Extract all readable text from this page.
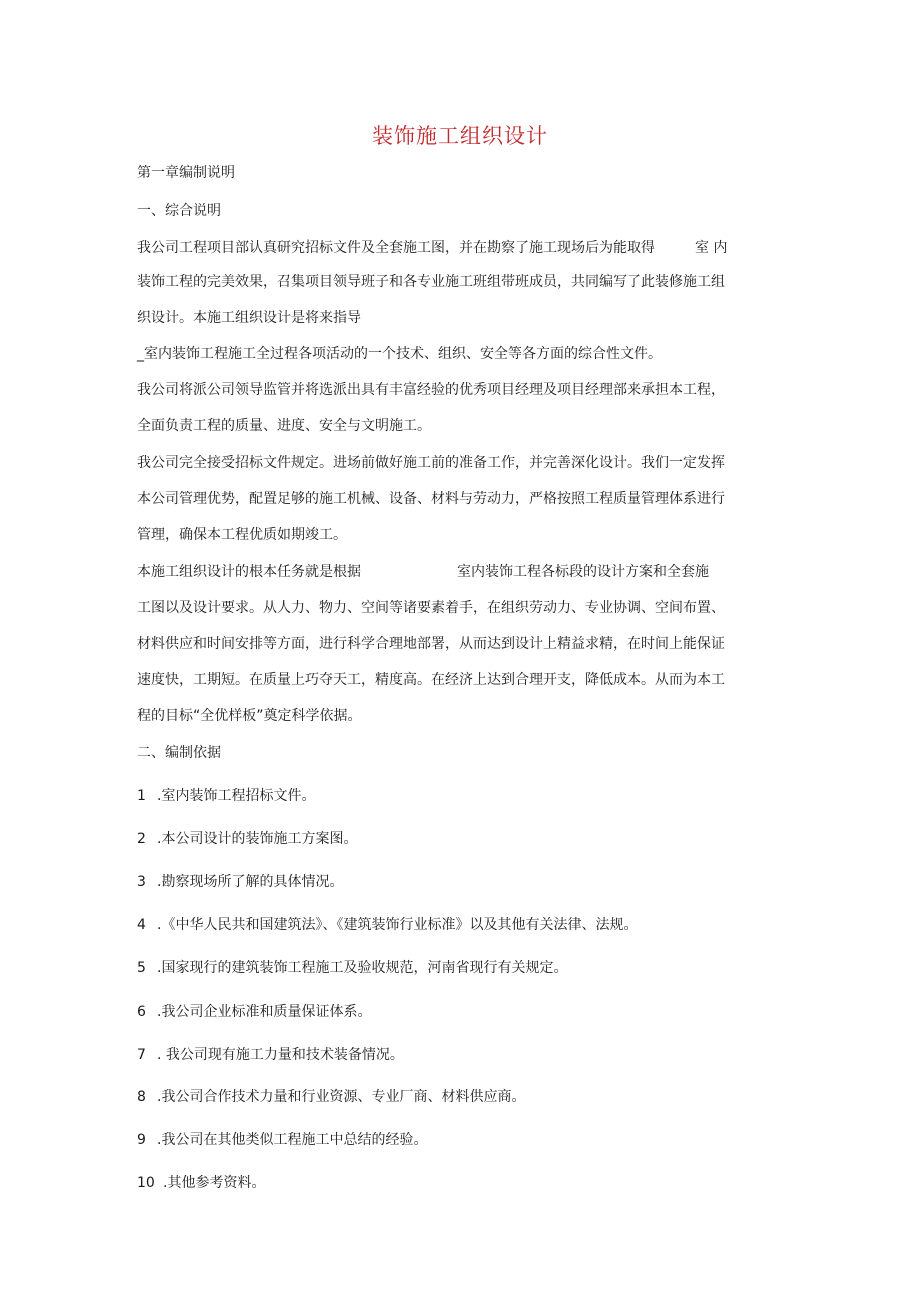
装饰施工组织设计
第一章编制说明
一、综合说明
我公司工程项目部认真研究招标文件及全套施工图，并在勘察了施工现场后为能取得	室 内
装饰工程的完美效果，召集项目领导班子和各专业施工班组带班成员，共同编写了此装修施工组
织设计。本施工组织设计是将来指导
_室内装饰工程施工全过程各项活动的一个技术、组织、安全等各方面的综合性文件。
我公司将派公司领导监管并将选派出具有丰富经验的优秀项目经理及项目经理部来承担本工程，
全面负责工程的质量、进度、安全与文明施工。
我公司完全接受招标文件规定。进场前做好施工前的准备工作，并完善深化设计。我们一定发挥
本公司管理优势，配置足够的施工机械、设备、材料与劳动力，严格按照工程质量管理体系进行
管理，确保本工程优质如期竣工。
本施工组织设计的根本任务就是根据	室内装饰工程各标段的设计方案和全套施
工图以及设计要求。从人力、物力、空间等诸要素着手，在组织劳动力、专业协调、空间布置、
材料供应和时间安排等方面，进行科学合理地部署，从而达到设计上精益求精，在时间上能保证
速度快，工期短。在质量上巧夺天工，精度高。在经济上达到合理开支，降低成本。从而为本工
程的目标“全优样板”奠定科学依据。
二、编制依据
1 .室内装饰工程招标文件。
2 .本公司设计的装饰施工方案图。
3 .勘察现场所了解的具体情况。
4 .《中华人民共和国建筑法》、《建筑装饰行业标准》以及其他有关法律、法规。
5 .国家现行的建筑装饰工程施工及验收规范，河南省现行有关规定。
6 .我公司企业标准和质量保证体系。
7 . 我公司现有施工力量和技术装备情况。
8 .我公司合作技术力量和行业资源、专业厂商、材料供应商。
9 .我公司在其他类似工程施工中总结的经验。
10 .其他参考资料。
